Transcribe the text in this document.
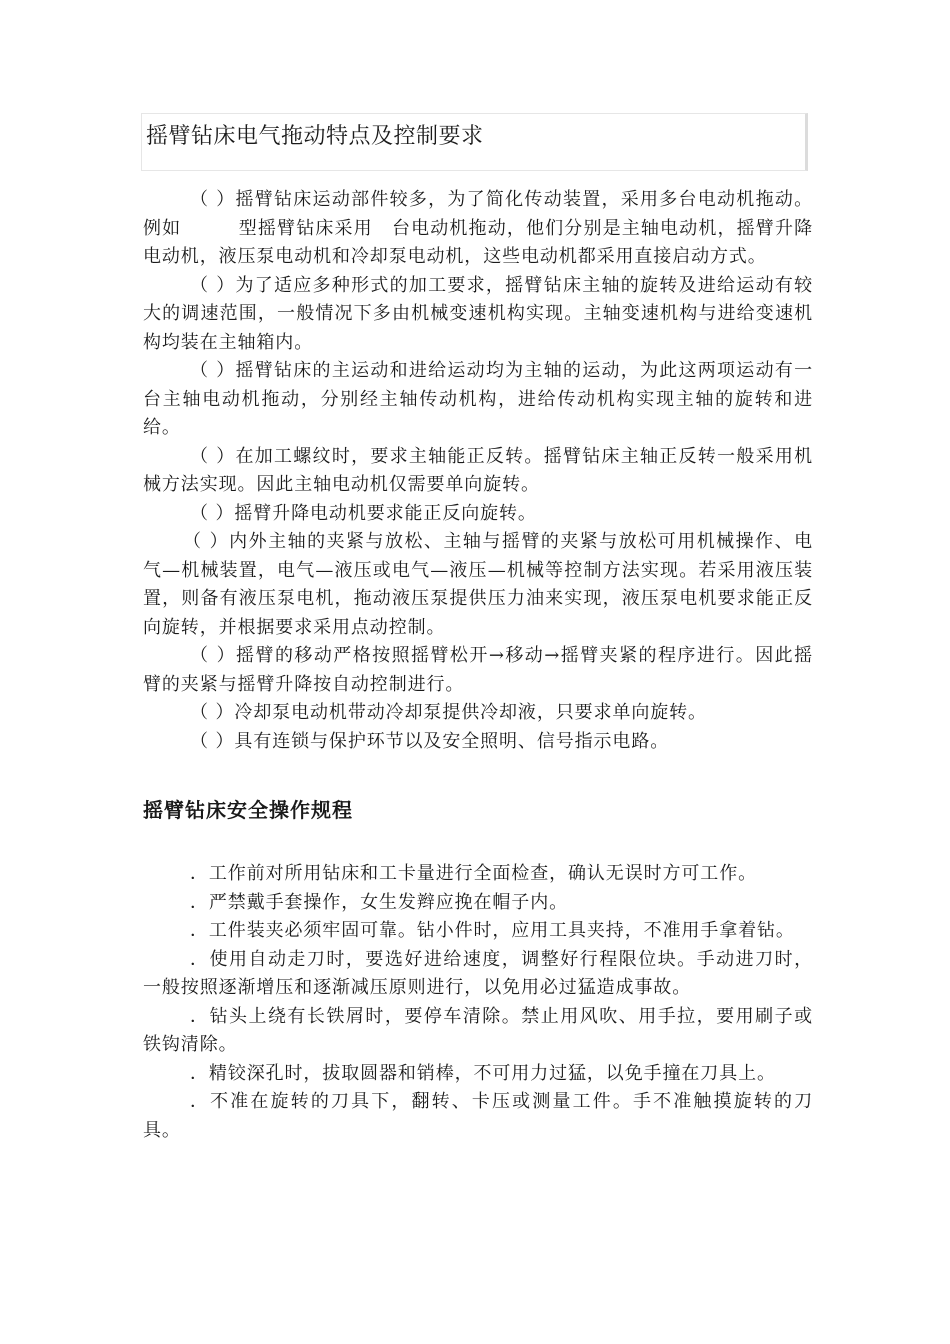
摇臂钻床电气拖动特点及控制要求

（ ）摇臂钻床运动部件较多，为了简化传动装置，采用多台电动机拖动。例如　　　型摇臂钻床采用　台电动机拖动，他们分别是主轴电动机，摇臂升降电动机，液压泵电动机和冷却泵电动机，这些电动机都采用直接启动方式。

（ ）为了适应多种形式的加工要求，摇臂钻床主轴的旋转及进给运动有较大的调速范围，一般情况下多由机械变速机构实现。主轴变速机构与进给变速机构均装在主轴箱内。

（ ）摇臂钻床的主运动和进给运动均为主轴的运动，为此这两项运动有一台主轴电动机拖动，分别经主轴传动机构，进给传动机构实现主轴的旋转和进给。

（ ）在加工螺纹时，要求主轴能正反转。摇臂钻床主轴正反转一般采用机械方法实现。因此主轴电动机仅需要单向旋转。

（ ）摇臂升降电动机要求能正反向旋转。

（ ）内外主轴的夹紧与放松、主轴与摇臂的夹紧与放松可用机械操作、电气—机械装置，电气—液压或电气—液压—机械等控制方法实现。若采用液压装置，则备有液压泵电机，拖动液压泵提供压力油来实现，液压泵电机要求能正反向旋转，并根据要求采用点动控制。

（ ）摇臂的移动严格按照摇臂松开→移动→摇臂夹紧的程序进行。因此摇臂的夹紧与摇臂升降按自动控制进行。

（ ）冷却泵电动机带动冷却泵提供冷却液，只要求单向旋转。

（ ）具有连锁与保护环节以及安全照明、信号指示电路。

摇臂钻床安全操作规程

．工作前对所用钻床和工卡量进行全面检查，确认无误时方可工作。

．严禁戴手套操作，女生发辫应挽在帽子内。

．工件装夹必须牢固可靠。钻小件时，应用工具夹持，不准用手拿着钻。

．使用自动走刀时，要选好进给速度，调整好行程限位块。手动进刀时，一般按照逐渐增压和逐渐减压原则进行，以免用必过猛造成事故。

．钻头上绕有长铁屑时，要停车清除。禁止用风吹、用手拉，要用刷子或铁钩清除。

．精铰深孔时，拔取圆器和销棒，不可用力过猛，以免手撞在刀具上。

．不准在旋转的刀具下，翻转、卡压或测量工件。手不准触摸旋转的刀具。
